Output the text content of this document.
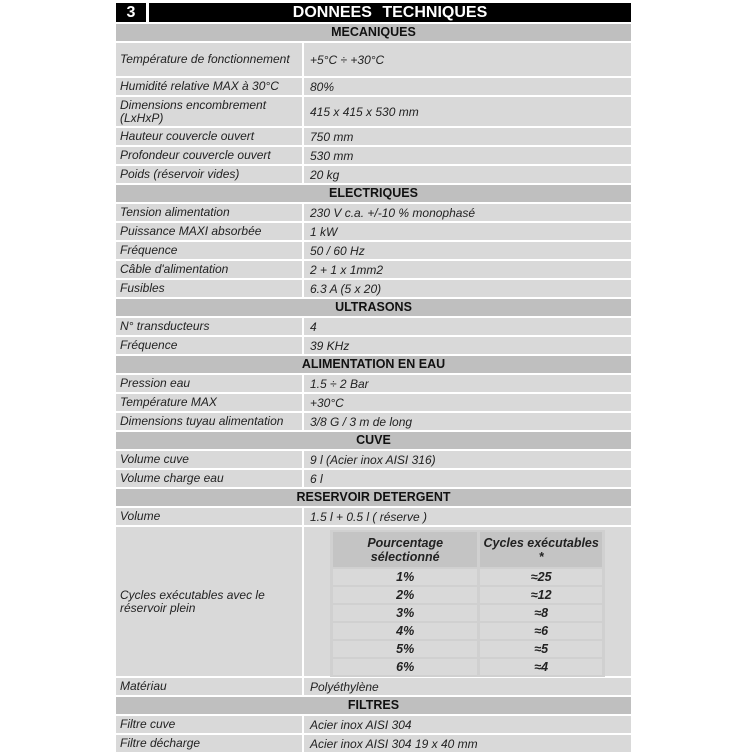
3	DONNEES TECHNIQUES
MECANIQUES
Température de fonctionnement	+5°C ÷ +30°C
Humidité relative MAX à 30°C	80%
Dimensions encombrement (LxHxP)	415 x 415 x 530 mm
Hauteur couvercle ouvert	750 mm
Profondeur couvercle ouvert	530 mm
Poids (réservoir vides)	20 kg
ELECTRIQUES
Tension alimentation	230 V c.a. +/-10 % monophasé
Puissance MAXI absorbée	1 kW
Fréquence	50 / 60 Hz
Câble d'alimentation	2 + 1 x 1mm2
Fusibles	6.3 A (5 x 20)
ULTRASONS
N° transducteurs	4
Fréquence	39 KHz
ALIMENTATION EN EAU
Pression eau	1.5 ÷ 2 Bar
Température MAX	+30°C
Dimensions tuyau alimentation	3/8 G / 3 m de long
CUVE
Volume cuve	9 l (Acier inox AISI 316)
Volume charge eau	6 l
RESERVOIR DETERGENT
Volume	1.5 l + 0.5 l ( réserve )
Cycles exécutables avec le réservoir plein
Pourcentage sélectionné	Cycles exécutables *
1%	≈25
2%	≈12
3%	≈8
4%	≈6
5%	≈5
6%	≈4
Matériau	Polyéthylène
FILTRES
Filtre cuve	Acier inox AISI 304
Filtre décharge	Acier inox AISI 304 19 x 40 mm
